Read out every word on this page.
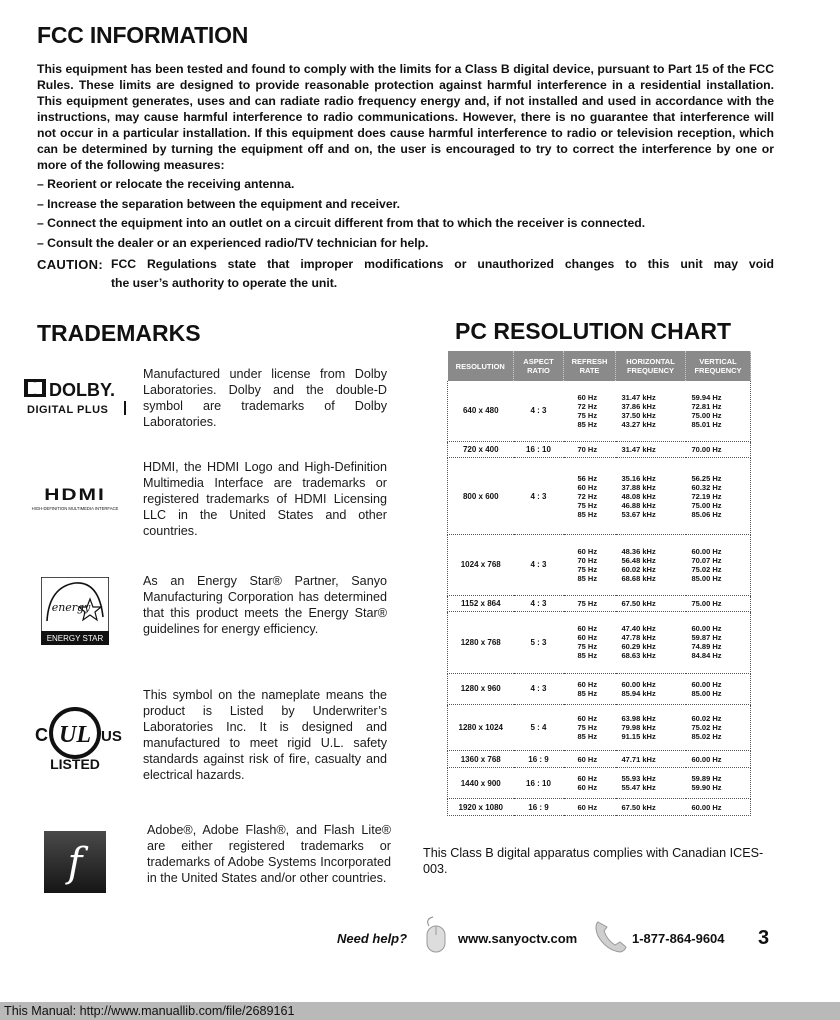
FCC INFORMATION
This equipment has been tested and found to comply with the limits for a Class B digital device, pursuant to Part 15 of the FCC Rules. These limits are designed to provide reasonable protection against harmful interference in a residential installation. This equipment generates, uses and can radiate radio frequency energy and, if not installed and used in accordance with the instructions, may cause harmful interference to radio communications. However, there is no guarantee that interference will not occur in a particular installation. If this equipment does cause harmful interference to radio or television reception, which can be determined by turning the equipment off and on, the user is encouraged to try to correct the interference by one or more of the following measures:
– Reorient or relocate the receiving antenna.
– Increase the separation between the equipment and receiver.
– Connect the equipment into an outlet on a circuit different from that to which the receiver is connected.
– Consult the dealer or an experienced radio/TV technician for help.
CAUTION: FCC Regulations state that improper modifications or unauthorized changes to this unit may void
the user’s authority to operate the unit.
TRADEMARKS
DOLBY.
DIGITAL PLUS
Manufactured under license from Dolby Laboratories. Dolby and the double-D symbol are trademarks of Dolby Laboratories.
HDMI
HIGH-DEFINITION MULTIMEDIA INTERFACE
HDMI, the HDMI Logo and High-Definition Multimedia Interface are trademarks or registered trademarks of HDMI Licensing LLC in the United States and other countries.
energy
ENERGY STAR
As an Energy Star® Partner, Sanyo Manufacturing Corporation has determined that this product meets the Energy Star® guidelines for energy efficiency.
C UL US
LISTED
This symbol on the nameplate means the product is Listed by Underwriter’s Laboratories Inc. It is designed and manufactured to meet rigid U.L. safety standards against risk of fire, casualty and electrical hazards.
f
Adobe®, Adobe Flash®, and Flash Lite® are either registered trademarks or trademarks of Adobe Systems Incorporated in the United States and/or other countries.
PC RESOLUTION CHART
RESOLUTION	ASPECT RATIO	REFRESH RATE	HORIZONTAL FREQUENCY	VERTICAL FREQUENCY
640 x 480	4 : 3	60 Hz
72 Hz
75 Hz
85 Hz	31.47 kHz
37.86 kHz
37.50 kHz
43.27 kHz	59.94 Hz
72.81 Hz
75.00 Hz
85.01 Hz

720 x 400	16 : 10	70 Hz	31.47 kHz	70.00 Hz

800 x 600	4 : 3	56 Hz
60 Hz
72 Hz
75 Hz
85 Hz	35.16 kHz
37.88 kHz
48.08 kHz
46.88 kHz
53.67 kHz	56.25 Hz
60.32 Hz
72.19 Hz
75.00 Hz
85.06 Hz

1024 x 768	4 : 3	60 Hz
70 Hz
75 Hz
85 Hz	48.36 kHz
56.48 kHz
60.02 kHz
68.68 kHz	60.00 Hz
70.07 Hz
75.02 Hz
85.00 Hz

1152 x 864	4 : 3	75 Hz	67.50 kHz	75.00 Hz

1280 x 768	5 : 3	60 Hz
60 Hz
75 Hz
85 Hz	47.40 kHz
47.78 kHz
60.29 kHz
68.63 kHz	60.00 Hz
59.87 Hz
74.89 Hz
84.84 Hz

1280 x 960	4 : 3	60 Hz
85 Hz	60.00 kHz
85.94 kHz	60.00 Hz
85.00 Hz

1280 x 1024	5 : 4	60 Hz
75 Hz
85 Hz	63.98 kHz
79.98 kHz
91.15 kHz	60.02 Hz
75.02 Hz
85.02 Hz

1360 x 768	16 : 9	60 Hz	47.71 kHz	60.00 Hz

1440 x 900	16 : 10	60 Hz
60 Hz	55.93 kHz
55.47 kHz	59.89 Hz
59.90 Hz

1920 x 1080	16 : 9	60 Hz	67.50 kHz	60.00 Hz
This Class B digital apparatus complies with Canadian ICES-003.
Need help?	www.sanyoctv.com	1-877-864-9604 3
This Manual: http://www.manuallib.com/file/2689161
